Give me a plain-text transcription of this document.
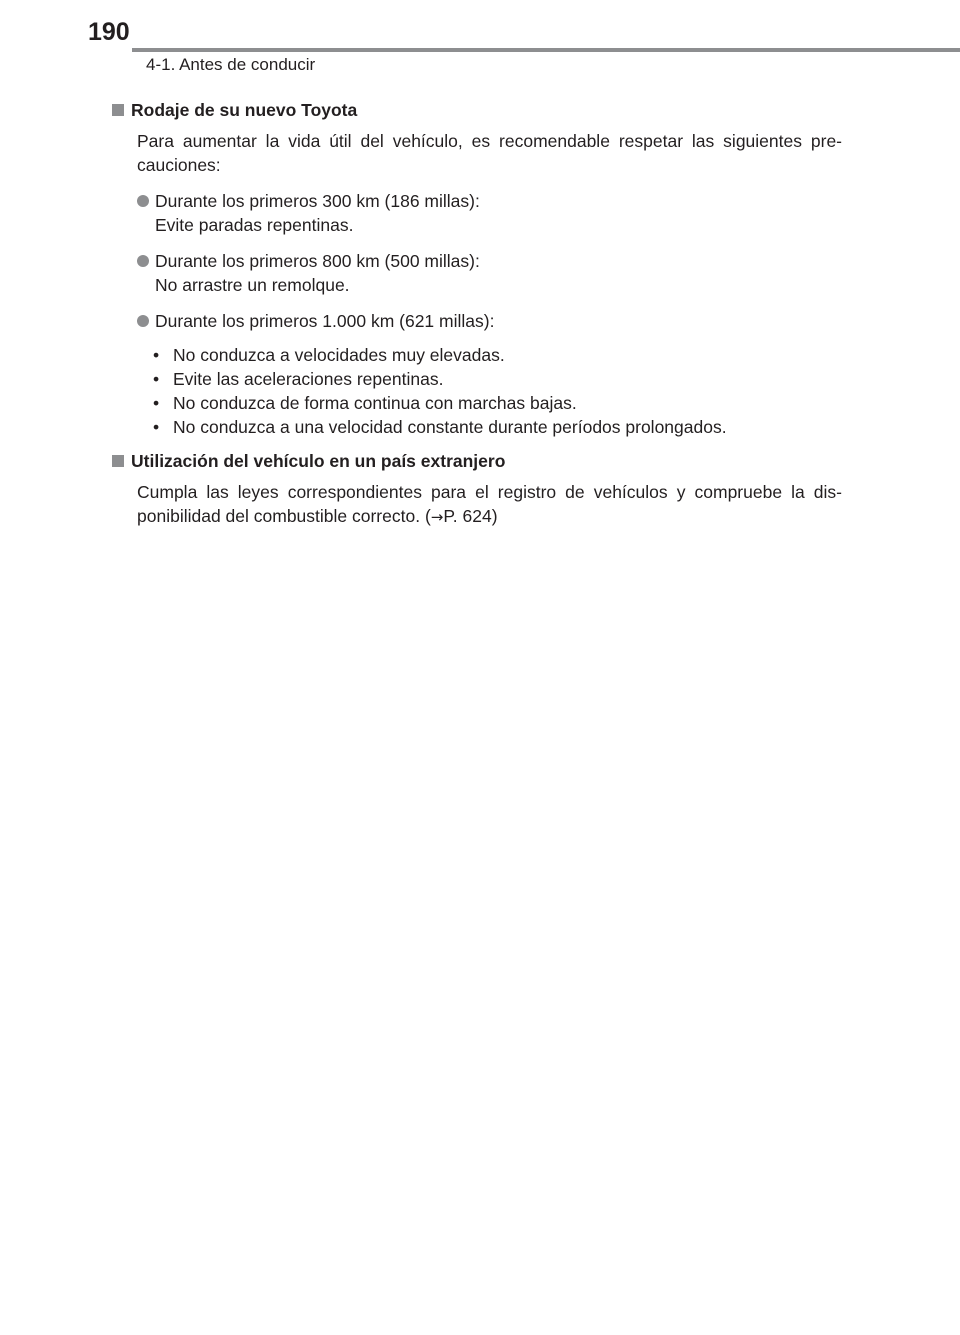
190
4-1. Antes de conducir
Rodaje de su nuevo Toyota
Para aumentar la vida útil del vehículo, es recomendable respetar las siguientes pre-cauciones:
Durante los primeros 300 km (186 millas):
Evite paradas repentinas.
Durante los primeros 800 km (500 millas):
No arrastre un remolque.
Durante los primeros 1.000 km (621 millas):
• No conduzca a velocidades muy elevadas.
• Evite las aceleraciones repentinas.
• No conduzca de forma continua con marchas bajas.
• No conduzca a una velocidad constante durante períodos prolongados.
Utilización del vehículo en un país extranjero
Cumpla las leyes correspondientes para el registro de vehículos y compruebe la dis-ponibilidad del combustible correcto. (→P. 624)
